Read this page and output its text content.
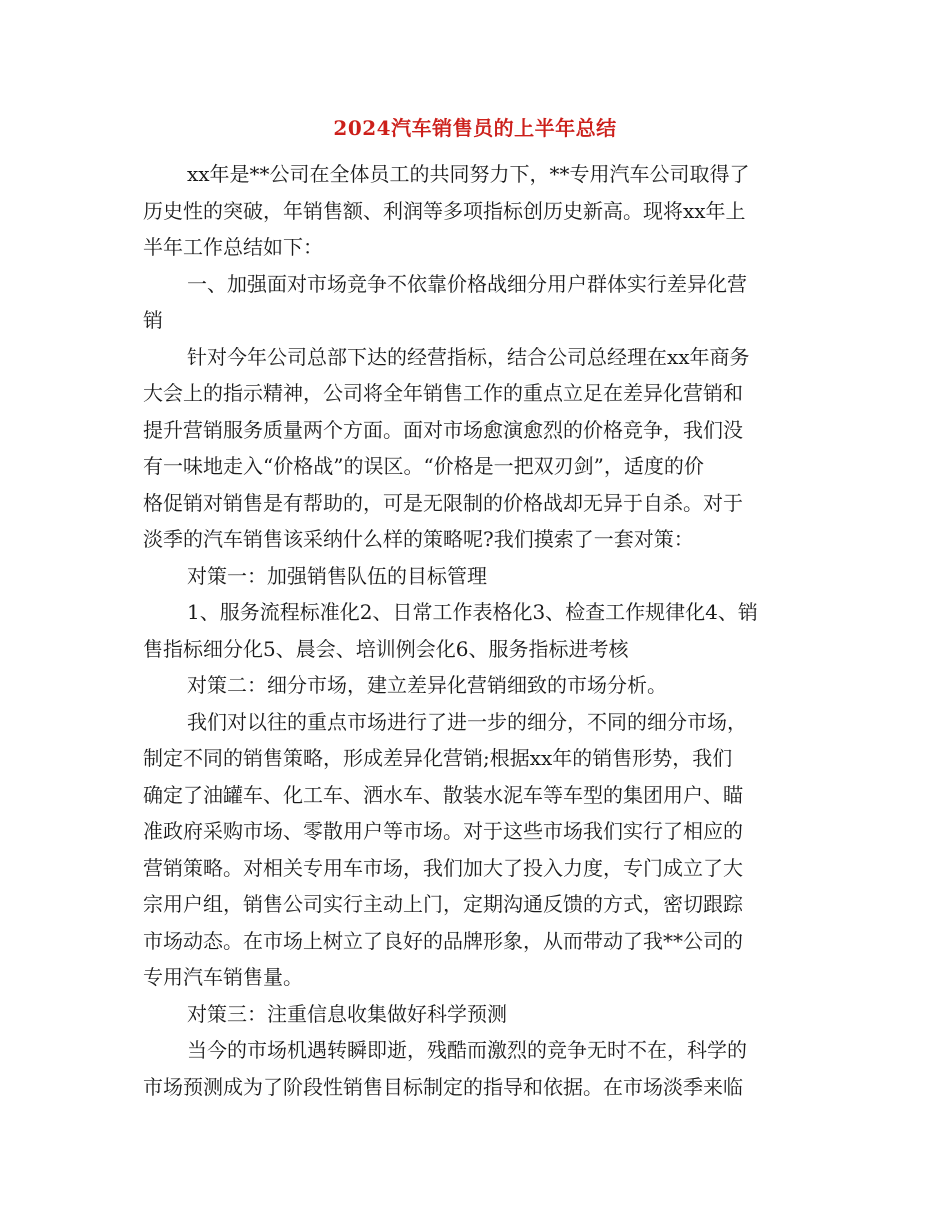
2024汽车销售员的上半年总结
xx年是**公司在全体员工的共同努力下，**专用汽车公司取得了
历史性的突破，年销售额、利润等多项指标创历史新高。现将xx年上
半年工作总结如下：
一、加强面对市场竞争不依靠价格战细分用户群体实行差异化营
销
针对今年公司总部下达的经营指标，结合公司总经理在xx年商务
大会上的指示精神，公司将全年销售工作的重点立足在差异化营销和
提升营销服务质量两个方面。面对市场愈演愈烈的价格竞争，我们没
有一味地走入“价格战”的误区。“价格是一把双刃剑”，适度的价
格促销对销售是有帮助的，可是无限制的价格战却无异于自杀。对于
淡季的汽车销售该采纳什么样的策略呢?我们摸索了一套对策：
对策一：加强销售队伍的目标管理
1、服务流程标准化2、日常工作表格化3、检查工作规律化4、销
售指标细分化5、晨会、培训例会化6、服务指标进考核
对策二：细分市场，建立差异化营销细致的市场分析。
我们对以往的重点市场进行了进一步的细分，不同的细分市场，
制定不同的销售策略，形成差异化营销;根据xx年的销售形势，我们
确定了油罐车、化工车、洒水车、散装水泥车等车型的集团用户、瞄
准政府采购市场、零散用户等市场。对于这些市场我们实行了相应的
营销策略。对相关专用车市场，我们加大了投入力度，专门成立了大
宗用户组，销售公司实行主动上门，定期沟通反馈的方式，密切跟踪
市场动态。在市场上树立了良好的品牌形象，从而带动了我**公司的
专用汽车销售量。
对策三：注重信息收集做好科学预测
当今的市场机遇转瞬即逝，残酷而激烈的竞争无时不在，科学的
市场预测成为了阶段性销售目标制定的指导和依据。在市场淡季来临
